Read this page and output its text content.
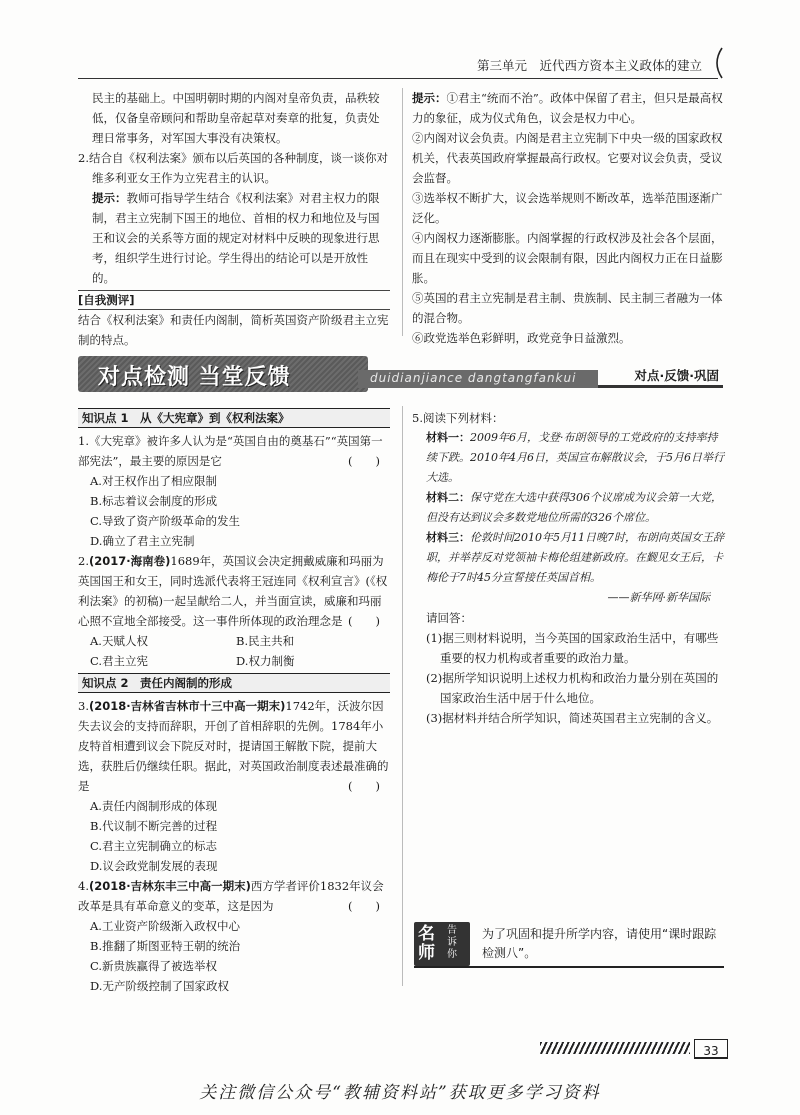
第三单元　近代西方资本主义政体的建立

民主的基础上。中国明朝时期的内阁对皇帝负责，品秩较低，仅备皇帝顾问和帮助皇帝起草对奏章的批复，负责处理日常事务，对军国大事没有决策权。

2.结合自《权利法案》颁布以后英国的各种制度，谈一谈你对维多利亚女王作为立宪君主的认识。

提示：教师可指导学生结合《权利法案》对君主权力的限制，君主立宪制下国王的地位、首相的权力和地位及与国王和议会的关系等方面的规定对材料中反映的现象进行思考，组织学生进行讨论。学生得出的结论可以是开放性的。

[自我测评]

结合《权利法案》和责任内阁制，简析英国资产阶级君主立宪制的特点。

提示：①君主“统而不治”。政体中保留了君主，但只是最高权力的象征，成为仪式角色，议会是权力中心。

②内阁对议会负责。内阁是君主立宪制下中央一级的国家政权机关，代表英国政府掌握最高行政权。它要对议会负责，受议会监督。

③选举权不断扩大，议会选举规则不断改革，选举范围逐渐广泛化。

④内阁权力逐渐膨胀。内阁掌握的行政权涉及社会各个层面，而且在现实中受到的议会限制有限，因此内阁权力正在日益膨胀。

⑤英国的君主立宪制是君主制、贵族制、民主制三者融为一体的混合物。

⑥政党选举色彩鲜明，政党竞争日益激烈。

对点检测 当堂反馈	duidianjiance dangtangfankui	对点·反馈·巩固
知识点 1　从《大宪章》到《权利法案》

1.《大宪章》被许多人认为是“英国自由的奠基石”“英国第一部宪法”，最主要的原因是它	(　　)

A.对王权作出了相应限制

B.标志着议会制度的形成

C.导致了资产阶级革命的发生

D.确立了君主立宪制

2.(2017·海南卷)1689年，英国议会决定拥戴威廉和玛丽为英国国王和女王，同时选派代表将王冠连同《权利宣言》(《权利法案》的初稿)一起呈献给二人，并当面宣读，威廉和玛丽心照不宣地全部接受。这一事件所体现的政治理念是 (　　)

A.天赋人权	B.民主共和
C.君主立宪	D.权力制衡
知识点 2　责任内阁制的形成

3.(2018·吉林省吉林市十三中高一期末)1742年，沃波尔因失去议会的支持而辞职，开创了首相辞职的先例。1784年小皮特首相遭到议会下院反对时，提请国王解散下院，提前大选，获胜后仍继续任职。据此，对英国政治制度表述最准确的是	(　　)

A.责任内阁制形成的体现

B.代议制不断完善的过程

C.君主立宪制确立的标志

D.议会政党制发展的表现

4.(2018·吉林东丰三中高一期末)西方学者评价1832年议会改革是具有革命意义的变革，这是因为	(　　)

A.工业资产阶级渐入政权中心

B.推翻了斯图亚特王朝的统治

C.新贵族赢得了被选举权

D.无产阶级控制了国家政权

5.阅读下列材料：

材料一：2009年6月，戈登·布朗领导的工党政府的支持率持续下跌。2010年4月6日，英国宣布解散议会，于5月6日举行大选。
材料二：保守党在大选中获得306个议席成为议会第一大党，但没有达到议会多数党地位所需的326个席位。
材料三：伦敦时间2010年5月11日晚7时，布朗向英国女王辞职，并举荐反对党领袖卡梅伦组建新政府。在觐见女王后，卡梅伦于7时45分宣誓接任英国首相。

——新华网·新华国际

请回答：

(1)据三则材料说明，当今英国的国家政治生活中，有哪些重要的权力机构或者重要的政治力量。

(2)据所学知识说明上述权力机构和政治力量分别在英国的国家政治生活中居于什么地位。

(3)据材料并结合所学知识，简述英国君主立宪制的含义。

名师
告诉你

为了巩固和提升所学内容，请使用“课时跟踪检测八”。

33
关注微信公众号“教辅资料站”获取更多学习资料
